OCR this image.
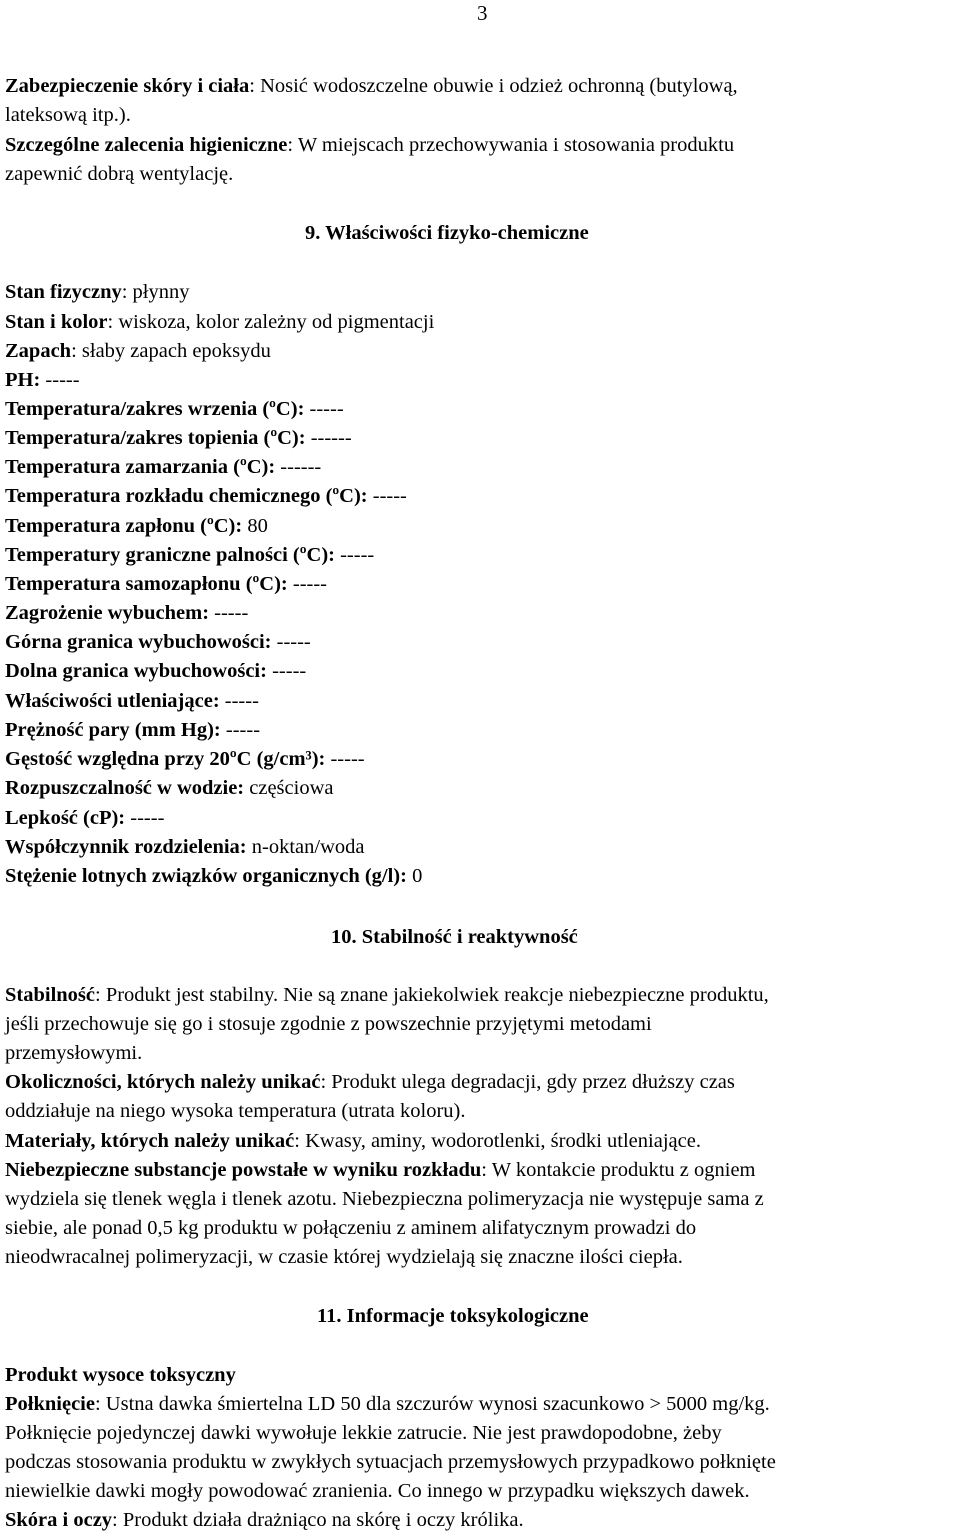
3
Zabezpieczenie skóry i ciała: Nosić wodoszczelne obuwie i odzież ochronną (butylową,
lateksową itp.).
Szczególne zalecenia higieniczne: W miejscach przechowywania i stosowania produktu
zapewnić dobrą wentylację.
9. Właściwości fizyko-chemiczne
Stan fizyczny: płynny
Stan i kolor: wiskoza, kolor zależny od pigmentacji
Zapach: słaby zapach epoksydu
PH: -----
Temperatura/zakres wrzenia (ºC): -----
Temperatura/zakres topienia (ºC): ------
Temperatura zamarzania (ºC): ------
Temperatura rozkładu chemicznego (ºC): -----
Temperatura zapłonu (ºC): 80
Temperatury graniczne palności (ºC): -----
Temperatura samozapłonu (ºC): -----
Zagrożenie wybuchem: -----
Górna granica wybuchowości: -----
Dolna granica wybuchowości: -----
Właściwości utleniające: -----
Prężność pary (mm Hg): -----
Gęstość względna przy 20ºC (g/cm³): -----
Rozpuszczalność w wodzie: częściowa
Lepkość (cP): -----
Współczynnik rozdzielenia: n-oktan/woda
Stężenie lotnych związków organicznych (g/l): 0
10. Stabilność i reaktywność
Stabilność: Produkt jest stabilny. Nie są znane jakiekolwiek reakcje niebezpieczne produktu,
jeśli przechowuje się go i stosuje zgodnie z powszechnie przyjętymi metodami
przemysłowymi.
Okoliczności, których należy unikać: Produkt ulega degradacji, gdy przez dłuższy czas
oddziałuje na niego wysoka temperatura (utrata koloru).
Materiały, których należy unikać: Kwasy, aminy, wodorotlenki, środki utleniające.
Niebezpieczne substancje powstałe w wyniku rozkładu: W kontakcie produktu z ogniem
wydziela się tlenek węgla i tlenek azotu. Niebezpieczna polimeryzacja nie występuje sama z
siebie, ale ponad 0,5 kg produktu w połączeniu z aminem alifatycznym prowadzi do
nieodwracalnej polimeryzacji, w czasie której wydzielają się znaczne ilości ciepła.
11. Informacje toksykologiczne
Produkt wysoce toksyczny
Połknięcie: Ustna dawka śmiertelna LD 50 dla szczurów wynosi szacunkowo > 5000 mg/kg.
Połknięcie pojedynczej dawki wywołuje lekkie zatrucie. Nie jest prawdopodobne, żeby
podczas stosowania produktu w zwykłych sytuacjach przemysłowych przypadkowo połknięte
niewielkie dawki mogły powodować zranienia. Co innego w przypadku większych dawek.
Skóra i oczy: Produkt działa drażniąco na skórę i oczy królika.
